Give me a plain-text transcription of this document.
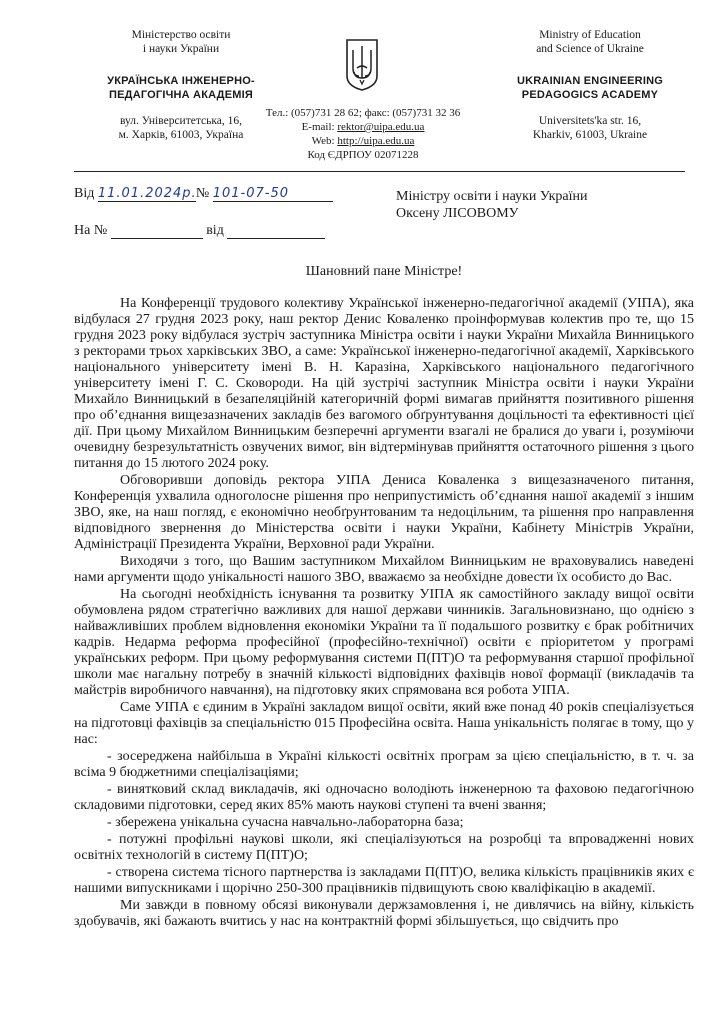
Міністерство освіти
і науки України
УКРАЇНСЬКА ІНЖЕНЕРНО-
ПЕДАГОГІЧНА АКАДЕМІЯ
вул. Університетська, 16,
м. Харків, 61003, Україна
Ministry of Education
and Science of Ukraine
UKRAINIAN ENGINEERING
PEDAGOGICS ACADEMY
Universitets'ka str. 16,
Kharkiv, 61003, Ukraine
Тел.: (057)731 28 62; факс: (057)731 32 36
E-mail: rektor@uipa.edu.ua
Web: http://uipa.edu.ua
Код ЄДРПОУ 02071228
Від 11.01.2024р.№ 101-07-50
На №	від
Міністру освіти і науки України
Оксену ЛІСОВОМУ
Шановний пане Міністре!

На Конференції трудового колективу Української інженерно-педагогічної академії (УІПА), яка відбулася 27 грудня 2023 року, наш ректор Денис Коваленко проінформував колектив про те, що 15 грудня 2023 року відбулася зустріч заступника Міністра освіти і науки України Михайла Винницького з ректорами трьох харківських ЗВО, а саме: Української інженерно-педагогічної академії, Харківського національного університету імені В. Н. Каразіна, Харківського національного педагогічного університету імені Г. С. Сковороди. На цій зустрічі заступник Міністра освіти і науки України Михайло Винницький в безапеляційній категоричній формі вимагав прийняття позитивного рішення про об’єднання вищезазначених закладів без вагомого обґрунтування доцільності та ефективності цієї дії. При цьому Михайлом Винницьким безперечні аргументи взагалі не бралися до уваги і, розуміючи очевидну безрезультатність озвучених вимог, він відтермінував прийняття остаточного рішення з цього питання до 15 лютого 2024 року.

Обговоривши доповідь ректора УІПА Дениса Коваленка з вищезазначеного питання, Конференція ухвалила одноголосне рішення про неприпустимість об’єднання нашої академії з іншим ЗВО, яке, на наш погляд, є економічно необґрунтованим та недоцільним, та рішення про направлення відповідного звернення до Міністерства освіти і науки України, Кабінету Міністрів України, Адміністрації Президента України, Верховної ради України.

Виходячи з того, що Вашим заступником Михайлом Винницьким не враховувались наведені нами аргументи щодо унікальності нашого ЗВО, вважаємо за необхідне довести їх особисто до Вас.

На сьогодні необхідність існування та розвитку УІПА як самостійного закладу вищої освіти обумовлена рядом стратегічно важливих для нашої держави чинників. Загальновизнано, що однією з найважливіших проблем відновлення економіки України та її подальшого розвитку є брак робітничих кадрів. Недарма реформа професійної (професійно-технічної) освіти є пріоритетом у програмі українських реформ. При цьому реформування системи П(ПТ)О та реформування старшої профільної школи має нагальну потребу в значній кількості відповідних фахівців нової формації (викладачів та майстрів виробничого навчання), на підготовку яких спрямована вся робота УІПА.

Саме УІПА є єдиним в Україні закладом вищої освіти, який вже понад 40 років спеціалізується на підготовці фахівців за спеціальністю 015 Професійна освіта. Наша унікальність полягає в тому, що у нас:

- зосереджена найбільша в Україні кількості освітніх програм за цією спеціальністю, в т. ч. за всіма 9 бюджетними спеціалізаціями;

- винятковий склад викладачів, які одночасно володіють інженерною та фаховою педагогічною складовими підготовки, серед яких 85% мають наукові ступені та вчені звання;

- збережена унікальна сучасна навчально-лабораторна база;

- потужні профільні наукові школи, які спеціалізуються на розробці та впровадженні нових освітніх технологій в систему П(ПТ)О;

- створена система тісного партнерства із закладами П(ПТ)О, велика кількість працівників яких є нашими випускниками і щорічно 250-300 працівників підвищують свою кваліфікацію в академії.

Ми завжди в повному обсязі виконували держзамовлення і, не дивлячись на війну, кількість здобувачів, які бажають вчитись у нас на контрактній формі збільшується, що свідчить про
